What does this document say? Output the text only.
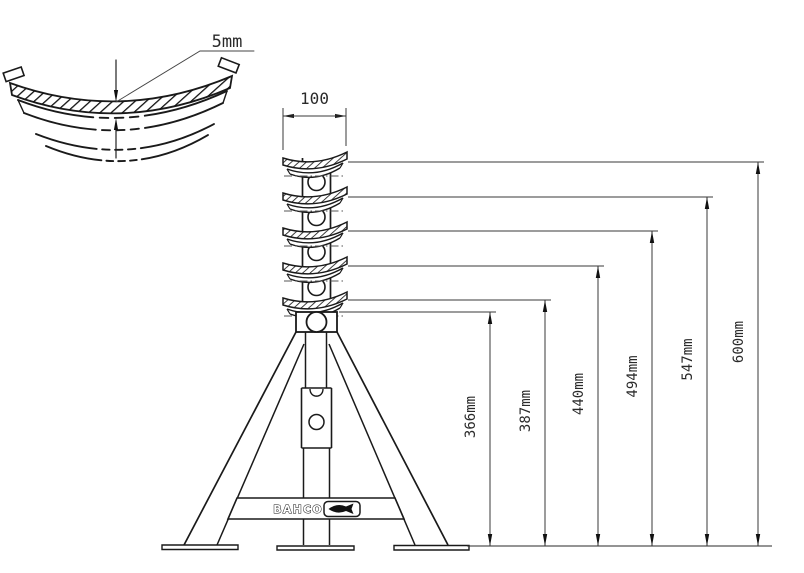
5mm
BAHCO
100
366mm	387mm	440mm	494mm	547mm	600mm
